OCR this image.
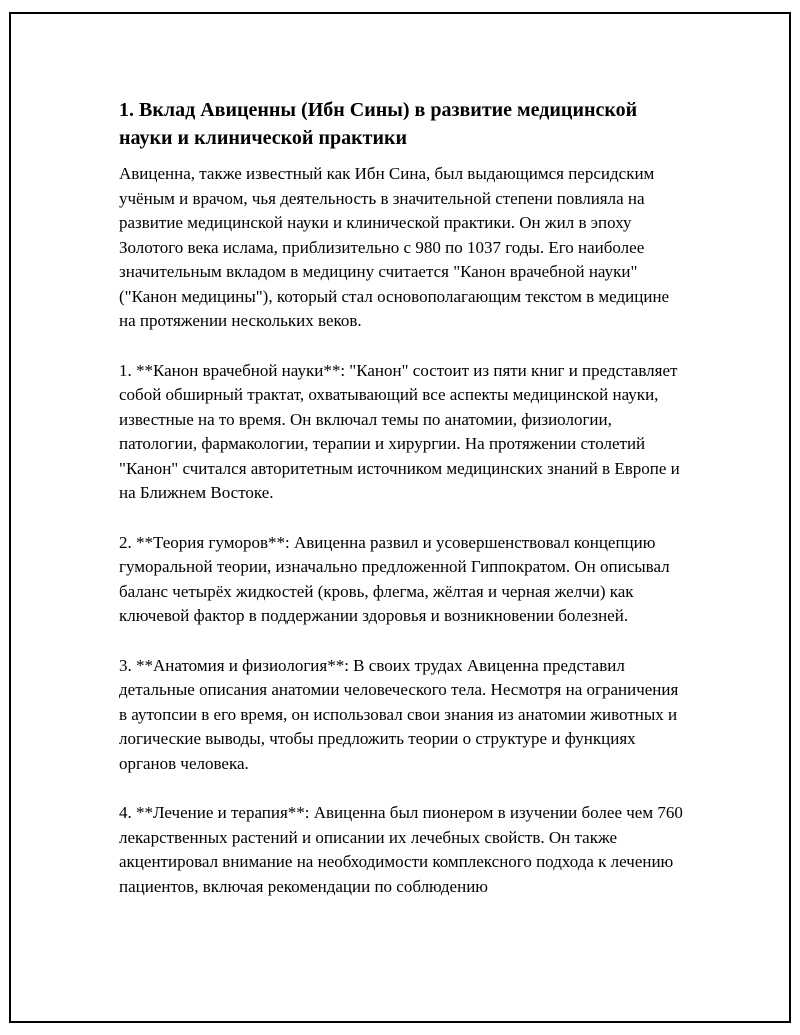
1. Вклад Авиценны (Ибн Сины) в развитие медицинской науки и клинической практики

Авиценна, также известный как Ибн Сина, был выдающимся персидским учёным и врачом, чья деятельность в значительной степени повлияла на развитие медицинской науки и клинической практики. Он жил в эпоху Золотого века ислама, приблизительно с 980 по 1037 годы. Его наиболее значительным вкладом в медицину считается "Канон врачебной науки" ("Канон медицины"), который стал основополагающим текстом в медицине на протяжении нескольких веков.

1. **Канон врачебной науки**: "Канон" состоит из пяти книг и представляет собой обширный трактат, охватывающий все аспекты медицинской науки, известные на то время. Он включал темы по анатомии, физиологии, патологии, фармакологии, терапии и хирургии. На протяжении столетий "Канон" считался авторитетным источником медицинских знаний в Европе и на Ближнем Востоке.

2. **Теория гуморов**: Авиценна развил и усовершенствовал концепцию гуморальной теории, изначально предложенной Гиппократом. Он описывал баланс четырёх жидкостей (кровь, флегма, жёлтая и черная желчи) как ключевой фактор в поддержании здоровья и возникновении болезней.

3. **Анатомия и физиология**: В своих трудах Авиценна представил детальные описания анатомии человеческого тела. Несмотря на ограничения в аутопсии в его время, он использовал свои знания из анатомии животных и логические выводы, чтобы предложить теории о структуре и функциях органов человека.

4. **Лечение и терапия**: Авиценна был пионером в изучении более чем 760 лекарственных растений и описании их лечебных свойств. Он также акцентировал внимание на необходимости комплексного подхода к лечению пациентов, включая рекомендации по соблюдению
